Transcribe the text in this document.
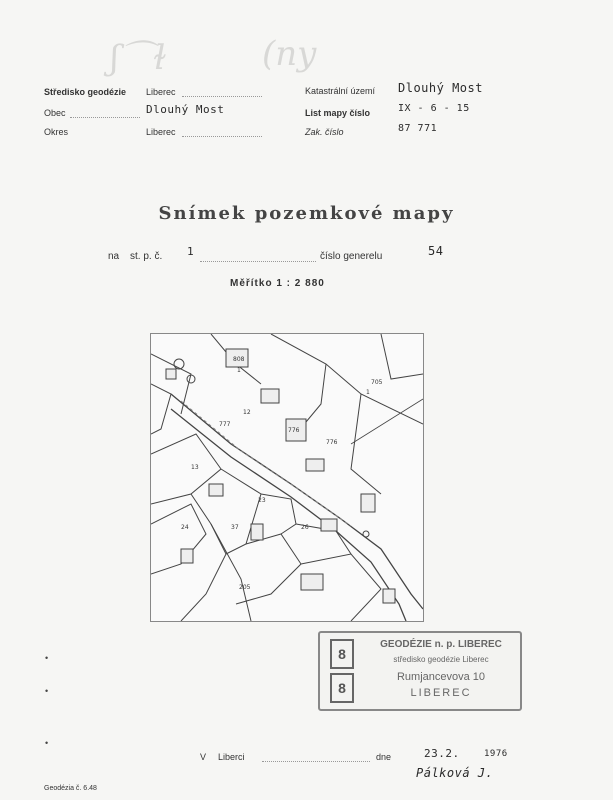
ʃ⌒ɫ	(ny
Středisko geodézie Liberec
Obec	Dlouhý Most
Okres	Liberec
Katastrální území Dlouhý Most
List mapy číslo	IX - 6 - 15
Zak. číslo	87 771
Snímek pozemkové mapy
na st. p. č. 1	číslo generelu	54
Měřítko 1 : 2 880
808
1
12
777
776
776
705
13
37
205
23
26
24
1
8
8
GEODÉZIE n. p. LIBEREC
středisko geodézie Liberec
Rumjancevova 10
LIBEREC
•
•
•
V Liberci	dne	23.2.	1976
Pálková J.
Geodézia č. 6.48
